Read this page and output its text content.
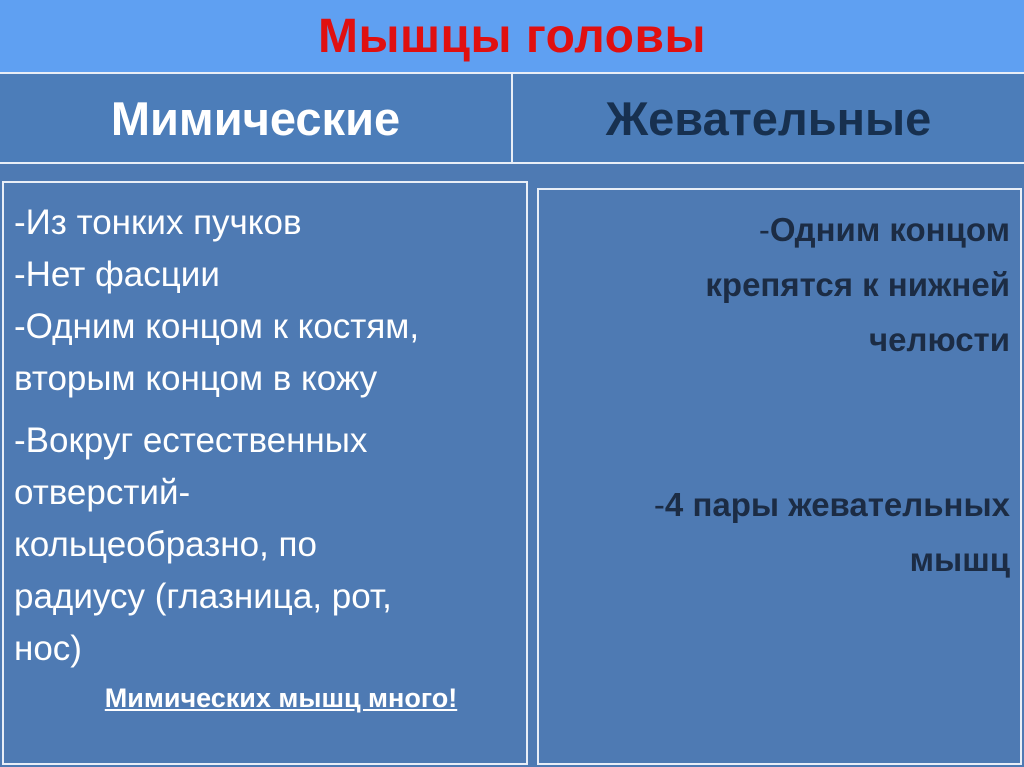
Мышцы головы
Мимические	Жевательные

-Из тонких пучков

-Нет фасции

-Одним концом к костям,

вторым концом в кожу

-Вокруг естественных

отверстий-

кольцеобразно, по

радиусу (глазница, рот,

нос)

Мимических мышц много!

-Одним концом

крепятся к нижней

челюсти

-4 пары жевательных

мышц
